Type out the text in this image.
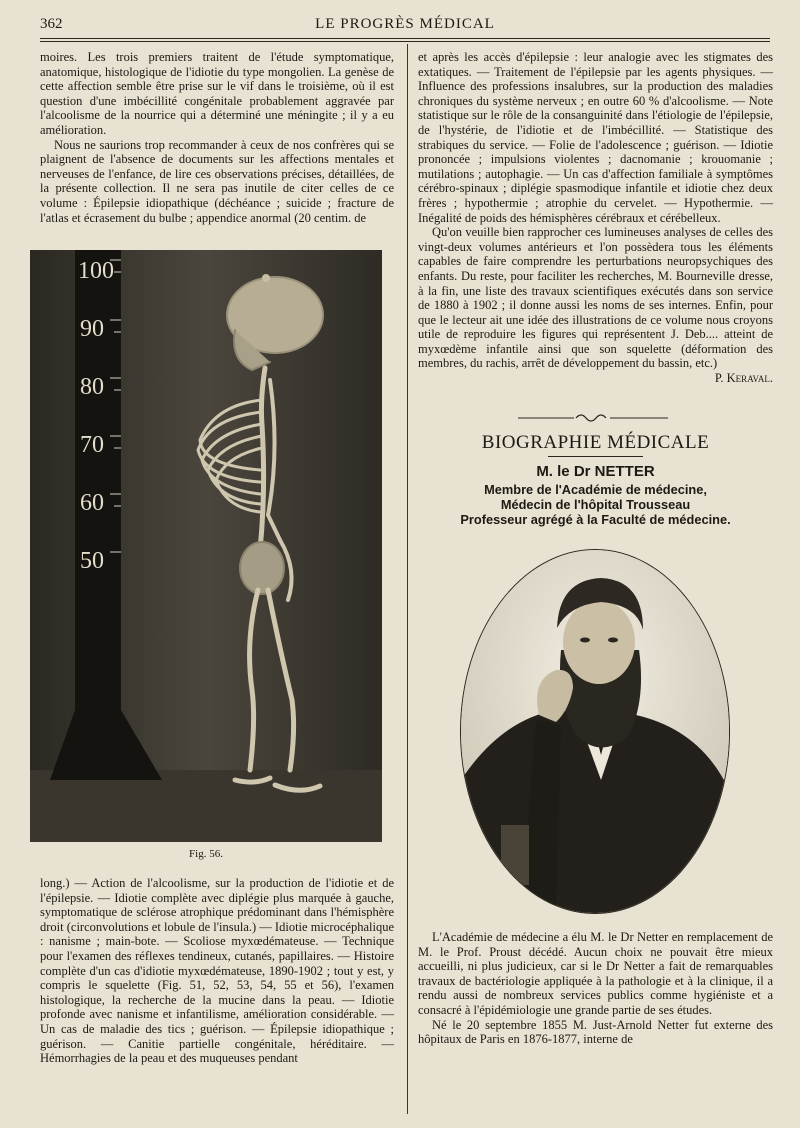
362	LE PROGRÈS MÉDICAL

moires. Les trois premiers traitent de l'étude symptomatique, anatomique, histologique de l'idiotie du type mongolien. La genèse de cette affection semble être prise sur le vif dans le troisième, où il est question d'une imbécillité congénitale probablement aggravée par l'alcoolisme de la nourrice qui a déterminé une méningite ; il y a eu amélioration.

Nous ne saurions trop recommander à ceux de nos confrères qui se plaignent de l'absence de documents sur les affections mentales et nerveuses de l'enfance, de lire ces observations précises, détaillées, de la présente collection. Il ne sera pas inutile de citer celles de ce volume : Épilepsie idiopathique (déchéance ; suicide ; fracture de l'atlas et écrasement du bulbe ; appendice anormal (20 centim. de

100
90
80
70
60
50
Fig. 56.

long.) — Action de l'alcoolisme, sur la production de l'idiotie et de l'épilepsie. — Idiotie complète avec diplégie plus marquée à gauche, symptomatique de sclérose atrophique prédominant dans l'hémisphère droit (circonvolutions et lobule de l'insula.) — Idiotie microcéphalique : nanisme ; main-bote. — Scoliose myxœdémateuse. — Technique pour l'examen des réflexes tendineux, cutanés, papillaires. — Histoire complète d'un cas d'idiotie myxœdémateuse, 1890-1902 ; tout y est, y compris le squelette (Fig. 51, 52, 53, 54, 55 et 56), l'examen histologique, la recherche de la mucine dans la peau. — Idiotie profonde avec nanisme et infantilisme, amélioration considérable. — Un cas de maladie des tics ; guérison. — Épilepsie idiopathique ; guérison. — Canitie partielle congénitale, héréditaire. — Hémorrhagies de la peau et des muqueuses pendant

et après les accès d'épilepsie : leur analogie avec les stigmates des extatiques. — Traitement de l'épilepsie par les agents physiques. — Influence des professions insalubres, sur la production des maladies chroniques du système nerveux ; en outre 60 % d'alcoolisme. — Note statistique sur le rôle de la consanguinité dans l'étiologie de l'épilepsie, de l'hystérie, de l'idiotie et de l'imbécillité. — Statistique des strabiques du service. — Folie de l'adolescence ; guérison. — Idiotie prononcée ; impulsions violentes ; dacnomanie ; krouomanie ; mutilations ; autophagie. — Un cas d'affection familiale à symptômes cérébro-spinaux ; diplégie spasmodique infantile et idiotie chez deux frères ; hypothermie ; atrophie du cervelet. — Hypothermie. — Inégalité de poids des hémisphères cérébraux et cérébelleux.

Qu'on veuille bien rapprocher ces lumineuses analyses de celles des vingt-deux volumes antérieurs et l'on possèdera tous les éléments capables de faire comprendre les perturbations neuropsychiques des enfants. Du reste, pour faciliter les recherches, M. Bourneville dresse, à la fin, une liste des travaux scientifiques exécutés dans son service de 1880 à 1902 ; il donne aussi les noms de ses internes. Enfin, pour que le lecteur ait une idée des illustrations de ce volume nous croyons utile de reproduire les figures qui représentent J. Deb.... atteint de myxœdème infantile ainsi que son squelette (déformation des membres, du rachis, arrêt de développement du bassin, etc.)

P. Keraval.

BIOGRAPHIE MÉDICALE
M. le Dr NETTER
Membre de l'Académie de médecine,
Médecin de l'hôpital Trousseau
Professeur agrégé à la Faculté de médecine.

L'Académie de médecine a élu M. le Dr Netter en remplacement de M. le Prof. Proust décédé. Aucun choix ne pouvait être mieux accueilli, ni plus judicieux, car si le Dr Netter a fait de remarquables travaux de bactériologie appliquée à la pathologie et à la clinique, il a rendu aussi de nombreux services publics comme hygiéniste et a consacré à l'épidémiologie une grande partie de ses études.

Né le 20 septembre 1855 M. Just-Arnold Netter fut externe des hôpitaux de Paris en 1876-1877, interne de
